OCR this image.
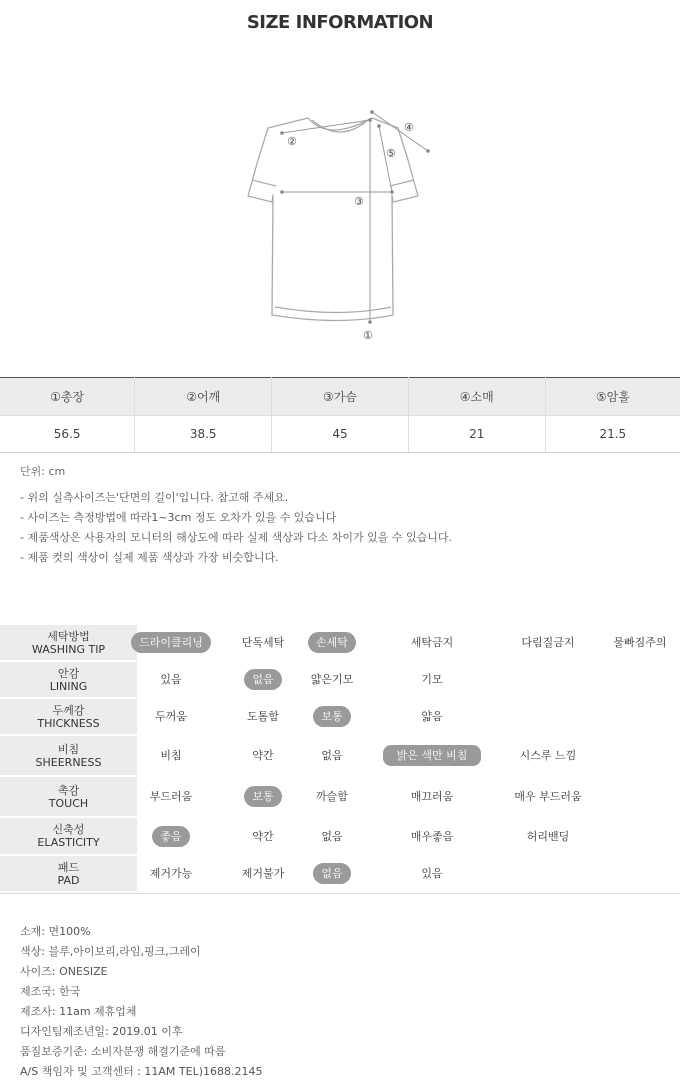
SIZE INFORMATION
①
②
③
④
⑤
①총장	②어깨	③가슴	④소매	⑤암홀
56.5	38.5	45	21	21.5
단위: cm
- 위의 실측사이즈는'단면의 길이'입니다. 참고해 주세요.
- 사이즈는 측정방법에 따라1~3cm 정도 오차가 있을 수 있습니다
- 제품색상은 사용자의 모니터의 해상도에 따라 실제 색상과 다소 차이가 있을 수 있습니다.
- 제품 컷의 색상이 실제 제품 색상과 가장 비슷합니다.
세탁방법
WASHING TIP	드라이클리닝	단독세탁	손세탁	세탁금지	다림질금지	물빠짐주의
안감
LINING	있음	없음	얇은기모	기모
두께감
THICKNESS	두꺼움	도톰함	보통	얇음
비침
SHEERNESS	비침	약간	없음	밝은 색만 비침	시스루 느낌
촉감
TOUCH	부드러움	보통	까슬함	매끄러움	매우 부드러움
신축성
ELASTICITY	좋음	약간	없음	매우좋음	허리밴딩
패드
PAD	제거가능	제거불가	없음	있음
소재: 면100%
색상: 블루,아이보리,라임,핑크,그레이
사이즈: ONESIZE
제조국: 한국
제조사: 11am 제휴업체
디자인팀제조년일: 2019.01 이후
품질보증기준: 소비자분쟁 해결기준에 따름
A/S 책임자 및 고객센터 : 11AM TEL)1688.2145
